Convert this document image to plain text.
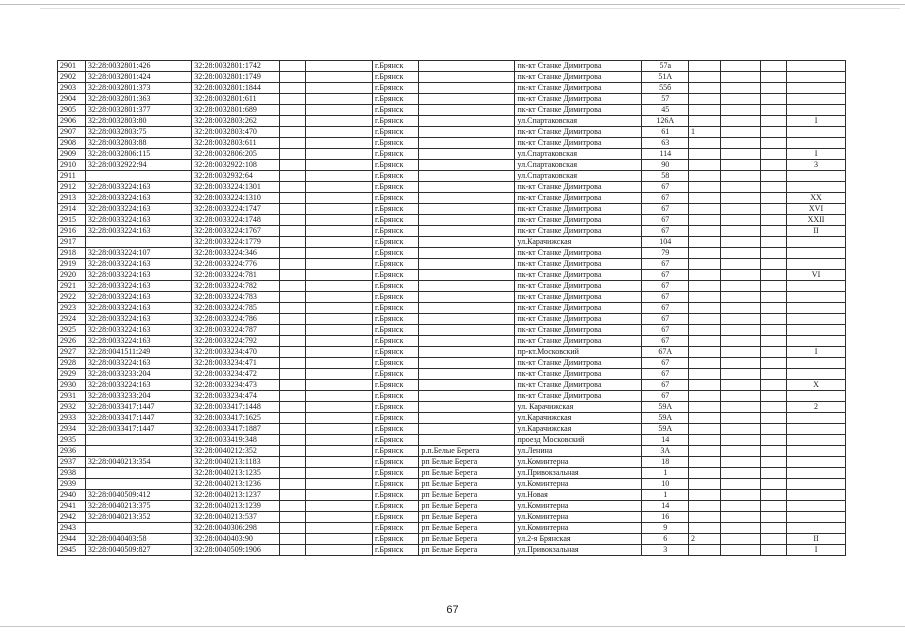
2901	32:28:0032801:426	32:28:0032801:1742			г.Брянск		пк-кт Станке Димитрова	57а				
2902	32:28:0032801:424	32:28:0032801:1749			г.Брянск		пк-кт Станке Димитрова	51А				
2903	32:28:0032801:373	32:28:0032801:1844			г.Брянск		пк-кт Станке Димитрова	55б				
2904	32:28:0032801:363	32:28:0032801:611			г.Брянск		пк-кт Станке Димитрова	57				
2905	32:28:0032801:377	32:28:0032801:689			г.Брянск		пк-кт Станке Димитрова	45				
2906	32:28:0032803:80	32:28:0032803:262			г.Брянск		ул.Спартаковская	126А				I
2907	32:28:0032803:75	32:28:0032803:470			г.Брянск		пк-кт Станке Димитрова	61	1			
2908	32:28:0032803:88	32:28:0032803:611			г.Брянск		пк-кт Станке Димитрова	63				
2909	32:28:0032806:115	32:28:0032806:205			г.Брянск		ул.Спартаковская	114				I
2910	32:28:0032922:94	32:28:0032922:108			г.Брянск		ул.Спартаковская	90				3
2911		32:28:0032932:64			г.Брянск		ул.Спартаковская	58				
2912	32:28:0033224:163	32:28:0033224:1301			г.Брянск		пк-кт Станке Димитрова	67				
2913	32:28:0033224:163	32:28:0033224:1310			г.Брянск		пк-кт Станке Димитрова	67				XX
2914	32:28:0033224:163	32:28:0033224:1747			г.Брянск		пк-кт Станке Димитрова	67				XVI
2915	32:28:0033224:163	32:28:0033224:1748			г.Брянск		пк-кт Станке Димитрова	67				XXII
2916	32:28:0033224:163	32:28:0033224:1767			г.Брянск		пк-кт Станке Димитрова	67				II
2917		32:28:0033224:1779			г.Брянск		ул.Карачижская	104				
2918	32:28:0033224:107	32:28:0033224:346			г.Брянск		пк-кт Станке Димитрова	79				
2919	32:28:0033224:163	32:28:0033224:776			г.Брянск		пк-кт Станке Димитрова	67				
2920	32:28:0033224:163	32:28:0033224:781			г.Брянск		пк-кт Станке Димитрова	67				VI
2921	32:28:0033224:163	32:28:0033224:782			г.Брянск		пк-кт Станке Димитрова	67				
2922	32:28:0033224:163	32:28:0033224:783			г.Брянск		пк-кт Станке Димитрова	67				
2923	32:28:0033224:163	32:28:0033224:785			г.Брянск		пк-кт Станке Димитрова	67				
2924	32:28:0033224:163	32:28:0033224:786			г.Брянск		пк-кт Станке Димитрова	67				
2925	32:28:0033224:163	32:28:0033224:787			г.Брянск		пк-кт Станке Димитрова	67				
2926	32:28:0033224:163	32:28:0033224:792			г.Брянск		пк-кт Станке Димитрова	67				
2927	32:28:0041511:249	32:28:0033234:470			г.Брянск		пр-кт.Московский	67А				I
2928	32:28:0033224:163	32:28:0033234:471			г.Брянск		пк-кт Станке Димитрова	67				
2929	32:28:0033233:204	32:28:0033234:472			г.Брянск		пк-кт Станке Димитрова	67				
2930	32:28:0033224:163	32:28:0033234:473			г.Брянск		пк-кт Станке Димитрова	67				X
2931	32:28:0033233:204	32:28:0033234:474			г.Брянск		пк-кт Станке Димитрова	67				
2932	32:28:0033417:1447	32:28:0033417:1448			г.Брянск		ул. Карачижская	59А				2
2933	32:28:0033417:1447	32:28:0033417:1625			г.Брянск		ул.Карачижская	59А				
2934	32:28:0033417:1447	32:28:0033417:1887			г.Брянск		ул.Карачижская	59А				
2935		32:28:0033419:348			г.Брянск		проезд Московский	14				
2936		32:28:0040212:352			г.Брянск	р.п.Белые Берега	ул.Ленина	3А				
2937	32:28:0040213:354	32:28:0040213:1183			г.Брянск	рп Белые Берега	ул.Коминтерна	18				
2938		32:28:0040213:1235			г.Брянск	рп Белые Берега	ул.Привокзальная	1				
2939		32:28:0040213:1236			г.Брянск	рп Белые Берега	ул.Коминтерна	10				
2940	32:28:0040509:412	32:28:0040213:1237			г.Брянск	рп Белые Берега	ул.Новая	1				
2941	32:28:0040213:375	32:28:0040213:1239			г.Брянск	рп Белые Берега	ул.Коминтерна	14				
2942	32:28:0040213:352	32:28:0040213:537			г.Брянск	рп Белые Берега	ул.Коминтерна	16				
2943		32:28:0040306:298			г.Брянск	рп Белые Берега	ул.Коминтерна	9				
2944	32:28:0040403:58	32:28:0040403:90			г.Брянск	рп Белые Берега	ул.2-я Брянская	6	2			II
2945	32:28:0040509:827	32:28:0040509:1906			г.Брянск	рп Белые Берега	ул.Привокзальная	3				I
67
